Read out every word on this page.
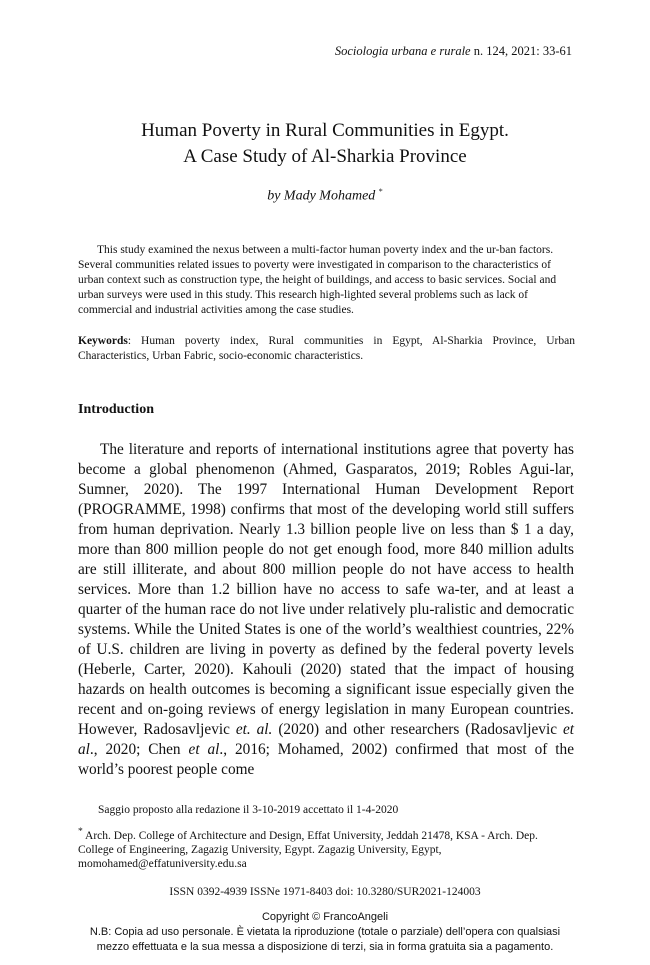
Sociologia urbana e rurale n. 124, 2021: 33-61
Human Poverty in Rural Communities in Egypt.
A Case Study of Al-Sharkia Province
by Mady Mohamed *
This study examined the nexus between a multi-factor human poverty index and the ur-ban factors. Several communities related issues to poverty were investigated in comparison to the characteristics of urban context such as construction type, the height of buildings, and access to basic services. Social and urban surveys were used in this study. This research high-lighted several problems such as lack of commercial and industrial activities among the case studies.
Keywords: Human poverty index, Rural communities in Egypt, Al-Sharkia Province, Urban Characteristics, Urban Fabric, socio-economic characteristics.
Introduction
The literature and reports of international institutions agree that poverty has become a global phenomenon (Ahmed, Gasparatos, 2019; Robles Agui-lar, Sumner, 2020). The 1997 International Human Development Report (PROGRAMME, 1998) confirms that most of the developing world still suffers from human deprivation. Nearly 1.3 billion people live on less than $ 1 a day, more than 800 million people do not get enough food, more 840 million adults are still illiterate, and about 800 million people do not have access to health services. More than 1.2 billion have no access to safe wa-ter, and at least a quarter of the human race do not live under relatively plu-ralistic and democratic systems. While the United States is one of the world’s wealthiest countries, 22% of U.S. children are living in poverty as defined by the federal poverty levels (Heberle, Carter, 2020). Kahouli (2020) stated that the impact of housing hazards on health outcomes is becoming a significant issue especially given the recent and on-going reviews of energy legislation in many European countries. However, Radosavljevic et. al. (2020) and other researchers (Radosavljevic et al., 2020; Chen et al., 2016; Mohamed, 2002) confirmed that most of the world’s poorest people come
Saggio proposto alla redazione il 3-10-2019 accettato il 1-4-2020
* Arch. Dep. College of Architecture and Design, Effat University, Jeddah 21478, KSA - Arch. Dep. College of Engineering, Zagazig University, Egypt. Zagazig University, Egypt, momohamed@effatuniversity.edu.sa
ISSN 0392-4939 ISSNe 1971-8403 doi: 10.3280/SUR2021-124003
Copyright © FrancoAngeli
N.B: Copia ad uso personale. È vietata la riproduzione (totale o parziale) dell’opera con qualsiasi
mezzo effettuata e la sua messa a disposizione di terzi, sia in forma gratuita sia a pagamento.
